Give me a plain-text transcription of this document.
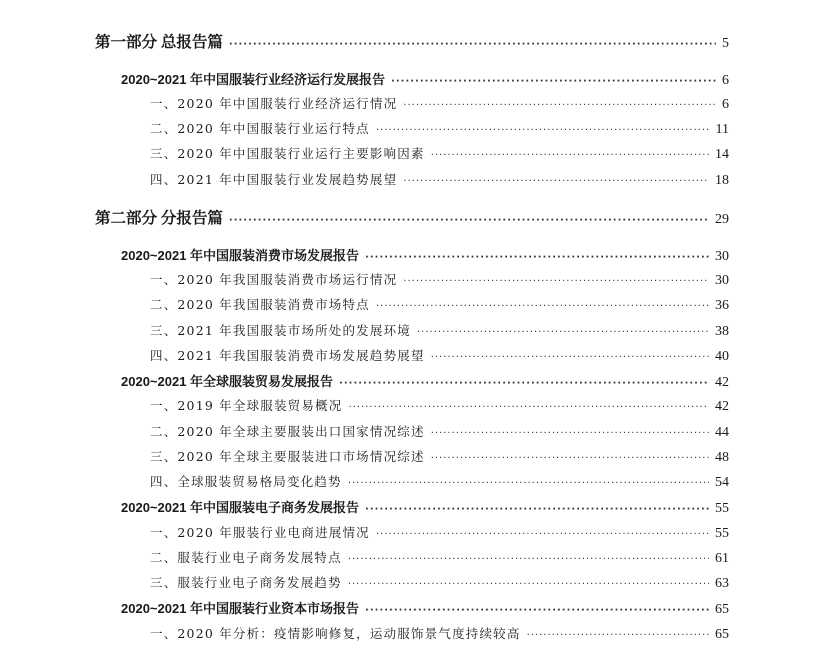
第一部分 总报告篇 ·····	5
2020~2021 年中国服装行业经济运行发展报告 ·····	6
一、2020 年中国服装行业经济运行情况 ·····	6
二、2020 年中国服装行业运行特点 ·····	11
三、2020 年中国服装行业运行主要影响因素 ·····	14
四、2021 年中国服装行业发展趋势展望 ·····	18
第二部分 分报告篇 ·····	29
2020~2021 年中国服装消费市场发展报告 ·····	30
一、2020 年我国服装消费市场运行情况 ·····	30
二、2020 年我国服装消费市场特点 ·····	36
三、2021 年我国服装市场所处的发展环境 ·····	38
四、2021 年我国服装消费市场发展趋势展望 ·····	40
2020~2021 年全球服装贸易发展报告 ·····	42
一、2019 年全球服装贸易概况 ·····	42
二、2020 年全球主要服装出口国家情况综述 ·····	44
三、2020 年全球主要服装进口市场情况综述 ·····	48
四、全球服装贸易格局变化趋势 ·····	54
2020~2021 年中国服装电子商务发展报告 ·····	55
一、2020 年服装行业电商进展情况 ·····	55
二、服装行业电子商务发展特点 ·····	61
三、服装行业电子商务发展趋势 ·····	63
2020~2021 年中国服装行业资本市场报告 ·····	65
一、2020 年分析：疫情影响修复，运动服饰景气度持续较高 ·····	65
